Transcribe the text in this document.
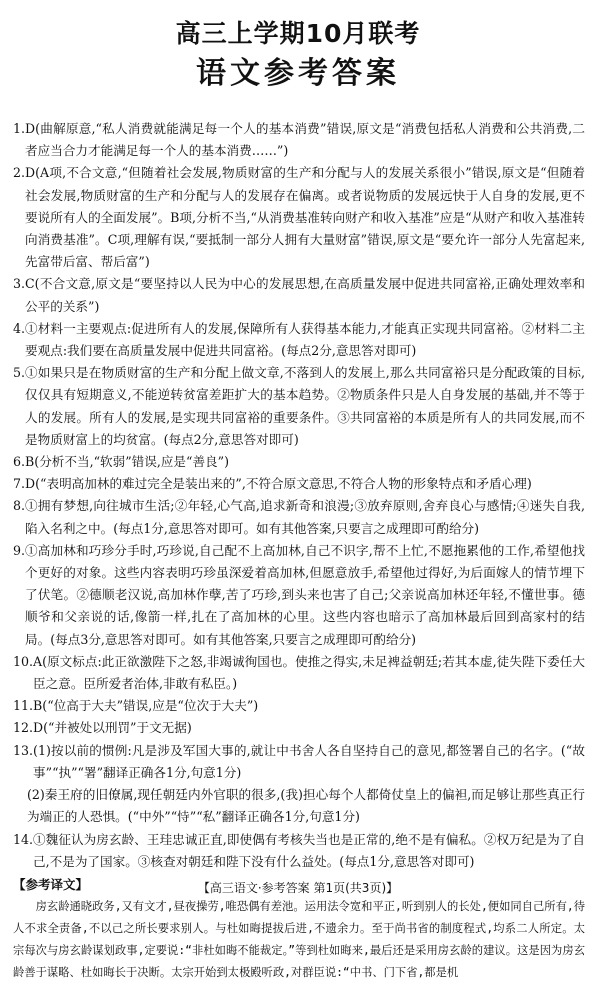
高三上学期10月联考
语文参考答案
1. D(曲解原意,“私人消费就能满足每一个人的基本消费”错误,原文是“消费包括私人消费和公共消费,二者应当合力才能满足每一个人的基本消费……”)
2. D(A项,不合文意,“但随着社会发展,物质财富的生产和分配与人的发展关系很小”错误,原文是“但随着社会发展,物质财富的生产和分配与人的发展存在偏离。或者说物质的发展远快于人自身的发展,更不要说所有人的全面发展”。B项,分析不当,“从消费基准转向财产和收入基准”应是“从财产和收入基准转向消费基准”。C项,理解有误,“要抵制一部分人拥有大量财富”错误,原文是“要允许一部分人先富起来,先富带后富、帮后富”)
3. C(不合文意,原文是“要坚持以人民为中心的发展思想,在高质量发展中促进共同富裕,正确处理效率和公平的关系”)
4. ①材料一主要观点:促进所有人的发展,保障所有人获得基本能力,才能真正实现共同富裕。②材料二主要观点:我们要在高质量发展中促进共同富裕。(每点2分,意思答对即可)
5. ①如果只是在物质财富的生产和分配上做文章,不落到人的发展上,那么共同富裕只是分配政策的目标,仅仅具有短期意义,不能逆转贫富差距扩大的基本趋势。②物质条件只是人自身发展的基础,并不等于人的发展。所有人的发展,是实现共同富裕的重要条件。③共同富裕的本质是所有人的共同发展,而不是物质财富上的均贫富。(每点2分,意思答对即可)
6. B(分析不当,“软弱”错误,应是“善良”)
7. D(“表明高加林的难过完全是装出来的”,不符合原文意思,不符合人物的形象特点和矛盾心理)
8. ①拥有梦想,向往城市生活;②年轻,心气高,追求新奇和浪漫;③放弃原则,舍弃良心与感情;④迷失自我,陷入名利之中。(每点1分,意思答对即可。如有其他答案,只要言之成理即可酌给分)
9. ①高加林和巧珍分手时,巧珍说,自己配不上高加林,自己不识字,帮不上忙,不愿拖累他的工作,希望他找个更好的对象。这些内容表明巧珍虽深爱着高加林,但愿意放手,希望他过得好,为后面嫁人的情节埋下了伏笔。②德顺老汉说,高加林作孽,苦了巧珍,到头来也害了自己;父亲说高加林还年轻,不懂世事。德顺爷和父亲说的话,像箭一样,扎在了高加林的心里。这些内容也暗示了高加林最后回到高家村的结局。(每点3分,意思答对即可。如有其他答案,只要言之成理即可酌给分)
10. A(原文标点:此正欲激陛下之怒,非竭诚徇国也。使推之得实,未足裨益朝廷;若其本虚,徒失陛下委任大臣之意。臣所爱者治体,非敢有私臣。)
11. B(“位高于大夫”错误,应是“位次于大夫”)
12. D(“并被处以刑罚”于文无据)
13. (1)按以前的惯例:凡是涉及军国大事的,就让中书舍人各自坚持自己的意见,都签署自己的名字。(“故事”“执”“署”翻译正确各1分,句意1分)
(2)秦王府的旧僚属,现任朝廷内外官职的很多,(我)担心每个人都倚仗皇上的偏袒,而足够让那些真正行为端正的人恐惧。(“中外”“恃”“私”翻译正确各1分,句意1分)
14. ①魏征认为房玄龄、王珪忠诚正直,即使偶有考核失当也是正常的,绝不是有偏私。②权万纪是为了自己,不是为了国家。③核查对朝廷和陛下没有什么益处。(每点1分,意思答对即可)
【参考译文】
房玄龄通晓政务,又有文才,昼夜操劳,唯恐偶有差池。运用法令宽和平正,听到别人的长处,便如同自己所有,待人不求全责备,不以己之所长要求别人。与杜如晦提拔后进,不遗余力。至于尚书省的制度程式,均系二人所定。太宗每次与房玄龄谋划政事,定要说:“非杜如晦不能裁定。”等到杜如晦来,最后还是采用房玄龄的建议。这是因为房玄龄善于谋略、杜如晦长于决断。太宗开始到太极殿听政,对群臣说:“中书、门下省,都是机
【高三语文·参考答案 第1页(共3页)】
